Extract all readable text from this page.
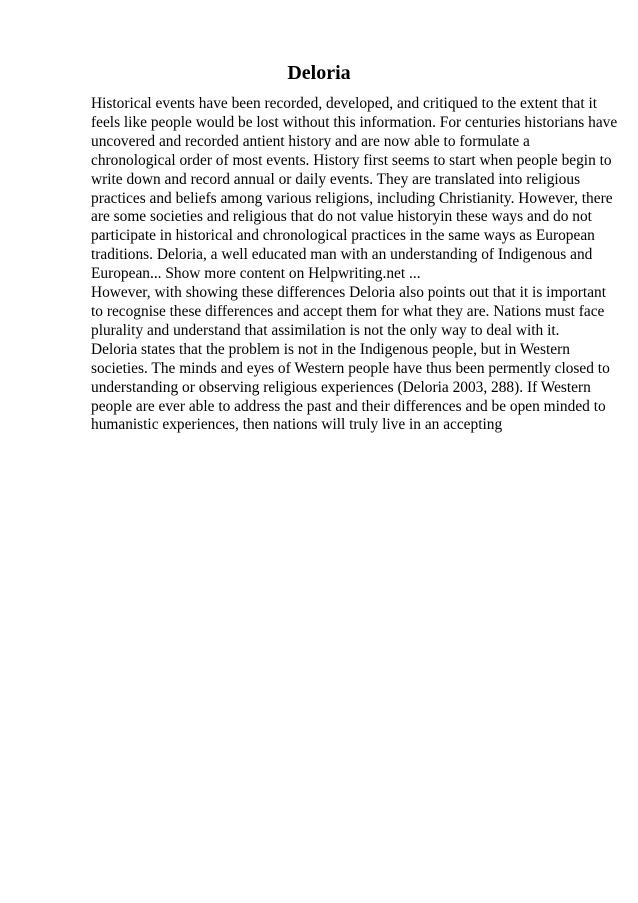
Deloria

Historical events have been recorded, developed, and critiqued to the extent that it
feels like people would be lost without this information. For centuries historians have
uncovered and recorded antient history and are now able to formulate a
chronological order of most events. History first seems to start when people begin to
write down and record annual or daily events. They are translated into religious
practices and beliefs among various religions, including Christianity. However, there
are some societies and religious that do not value historyin these ways and do not
participate in historical and chronological practices in the same ways as European
traditions. Deloria, a well educated man with an understanding of Indigenous and
European... Show more content on Helpwriting.net ...

However, with showing these differences Deloria also points out that it is important
to recognise these differences and accept them for what they are. Nations must face
plurality and understand that assimilation is not the only way to deal with it.

Deloria states that the problem is not in the Indigenous people, but in Western
societies. The minds and eyes of Western people have thus been permently closed to
understanding or observing religious experiences (Deloria 2003, 288). If Western
people are ever able to address the past and their differences and be open minded to
humanistic experiences, then nations will truly live in an accepting
